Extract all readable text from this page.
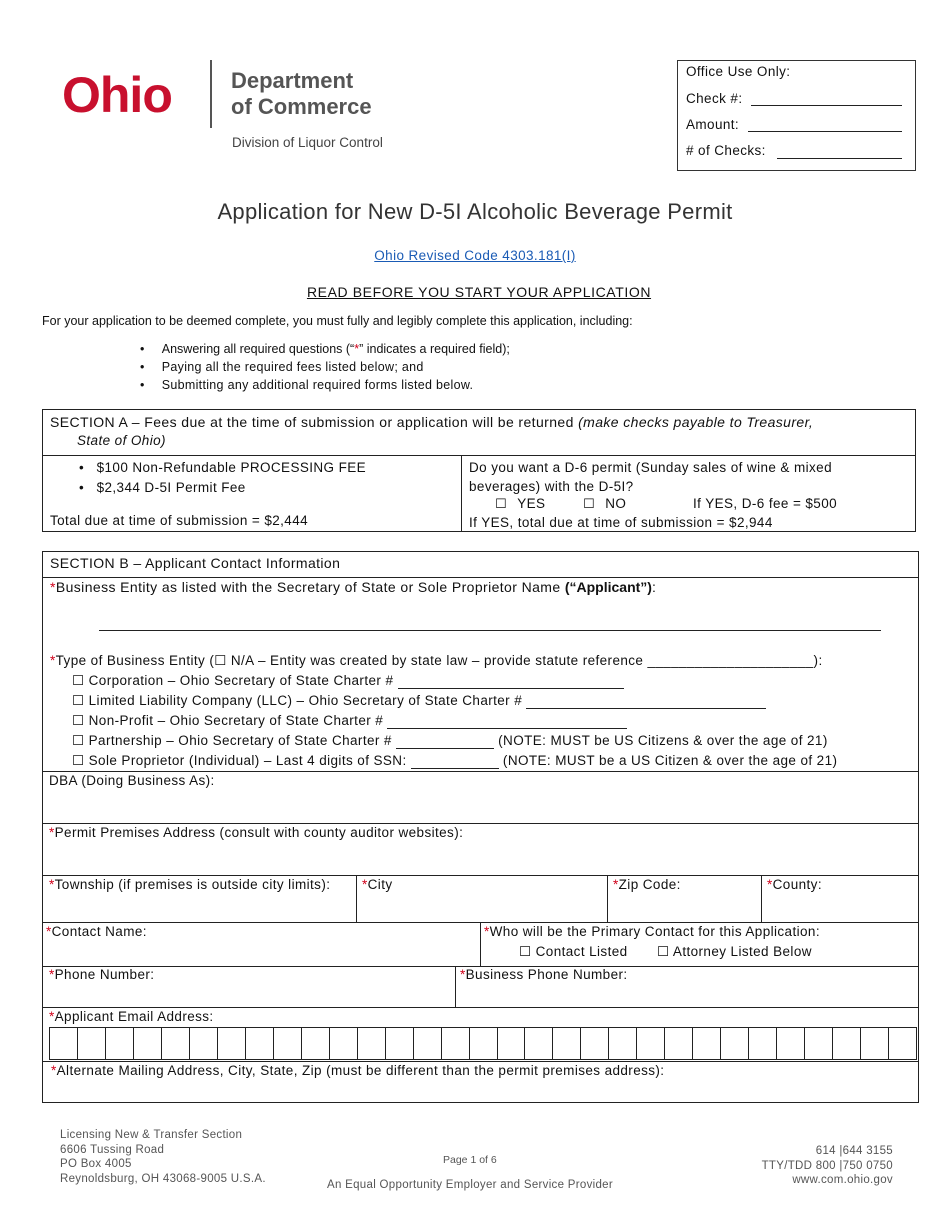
Ohio	Department
of Commerce
Division of Liquor Control
Office Use Only:
Check #:
Amount:
# of Checks:
Application for New D-5I Alcoholic Beverage Permit
Ohio Revised Code 4303.181(I)
READ BEFORE YOU START YOUR APPLICATION
For your application to be deemed complete, you must fully and legibly complete this application, including:
•     Answering all required questions (“*” indicates a required field);
•     Paying all the required fees listed below; and
•     Submitting any additional required forms listed below.
SECTION A – Fees due at the time of submission or application will be returned (make checks payable to Treasurer,
State of Ohio)
•   $100 Non-Refundable PROCESSING FEE
•   $2,344 D-5I Permit Fee
Total due at time of submission = $2,444
Do you want a D-6 permit (Sunday sales of wine & mixed
beverages) with the D-5I?
☐ YES	☐ NO	If YES, D-6 fee = $500
If YES, total due at time of submission = $2,944
SECTION B – Applicant Contact Information
*Business Entity as listed with the Secretary of State or Sole Proprietor Name (“Applicant”):
*Type of Business Entity (☐ N/A – Entity was created by state law – provide statute reference _____________________):
☐ Corporation – Ohio Secretary of State Charter #
☐ Limited Liability Company (LLC) – Ohio Secretary of State Charter #
☐ Non-Profit – Ohio Secretary of State Charter #
☐ Partnership – Ohio Secretary of State Charter #	(NOTE: MUST be US Citizens & over the age of 21)
☐ Sole Proprietor (Individual) – Last 4 digits of SSN:	(NOTE: MUST be a US Citizen & over the age of 21)
DBA (Doing Business As):
*Permit Premises Address (consult with county auditor websites):
*Township (if premises is outside city limits): *City	*Zip Code:	*County:
*Contact Name:	*Who will be the Primary Contact for this Application:
☐ Contact Listed ☐ Attorney Listed Below
*Phone Number:	*Business Phone Number:
*Applicant Email Address:
*Alternate Mailing Address, City, State, Zip (must be different than the permit premises address):
Licensing New & Transfer Section
6606 Tussing Road
PO Box 4005
Reynoldsburg, OH 43068-9005 U.S.A.
Page 1 of 6
An Equal Opportunity Employer and Service Provider
614 |644 3155
TTY/TDD 800 |750 0750
www.com.ohio.gov
